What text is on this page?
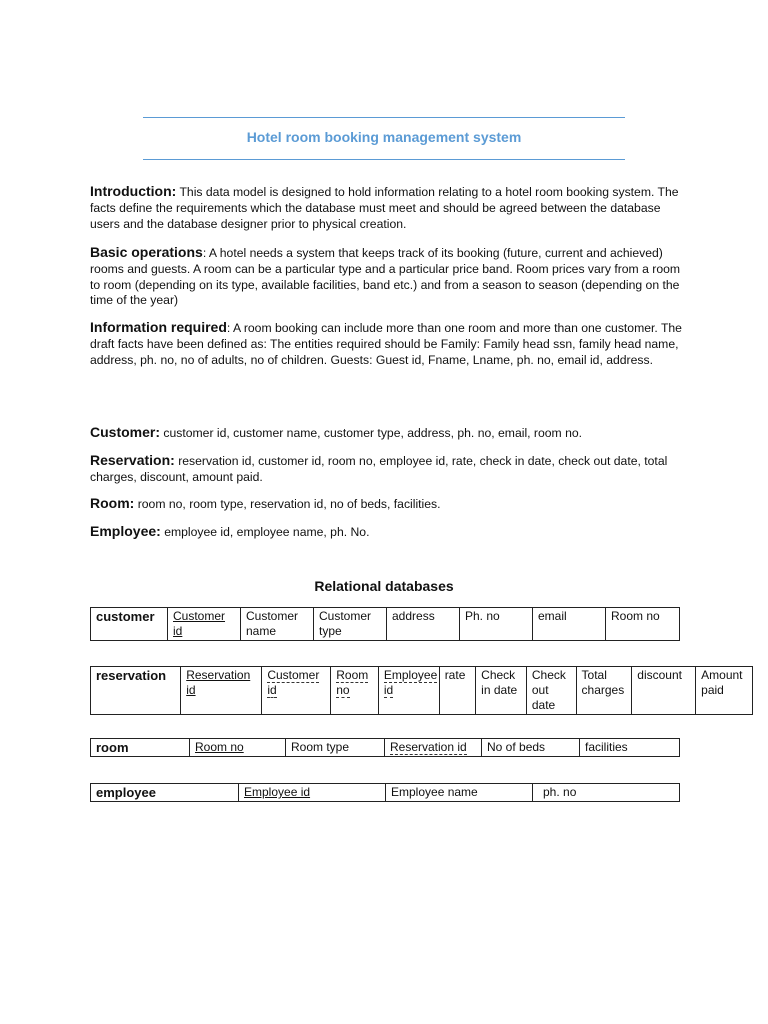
Hotel room booking management system
Introduction: This data model is designed to hold information relating to a hotel room booking system. The facts define the requirements which the database must meet and should be agreed between the database users and the database designer prior to physical creation.
Basic operations: A hotel needs a system that keeps track of its booking (future, current and achieved) rooms and guests. A room can be a particular type and a particular price band. Room prices vary from a room to room (depending on its type, available facilities, band etc.) and from a season to season (depending on the time of the year)
Information required: A room booking can include more than one room and more than one customer. The draft facts have been defined as: The entities required should be Family: Family head ssn, family head name, address, ph. no, no of adults, no of children. Guests: Guest id, Fname, Lname, ph. no, email id, address.
Customer: customer id, customer name, customer type, address, ph. no, email, room no.
Reservation: reservation id, customer id, room no, employee id, rate, check in date, check out date, total charges, discount, amount paid.
Room: room no, room type, reservation id, no of beds, facilities.
Employee: employee id, employee name, ph. No.
Relational databases
customer	Customer id	Customer name	Customer type	address	Ph. no	email	Room no
reservation	Reservation id	Customer id	Room no	Employee id	rate	Check in date	Check out date	Total charges	discount	Amount paid
room	Room no	Room type	Reservation id	No of beds	facilities
employee	Employee id	Employee name	ph. no
